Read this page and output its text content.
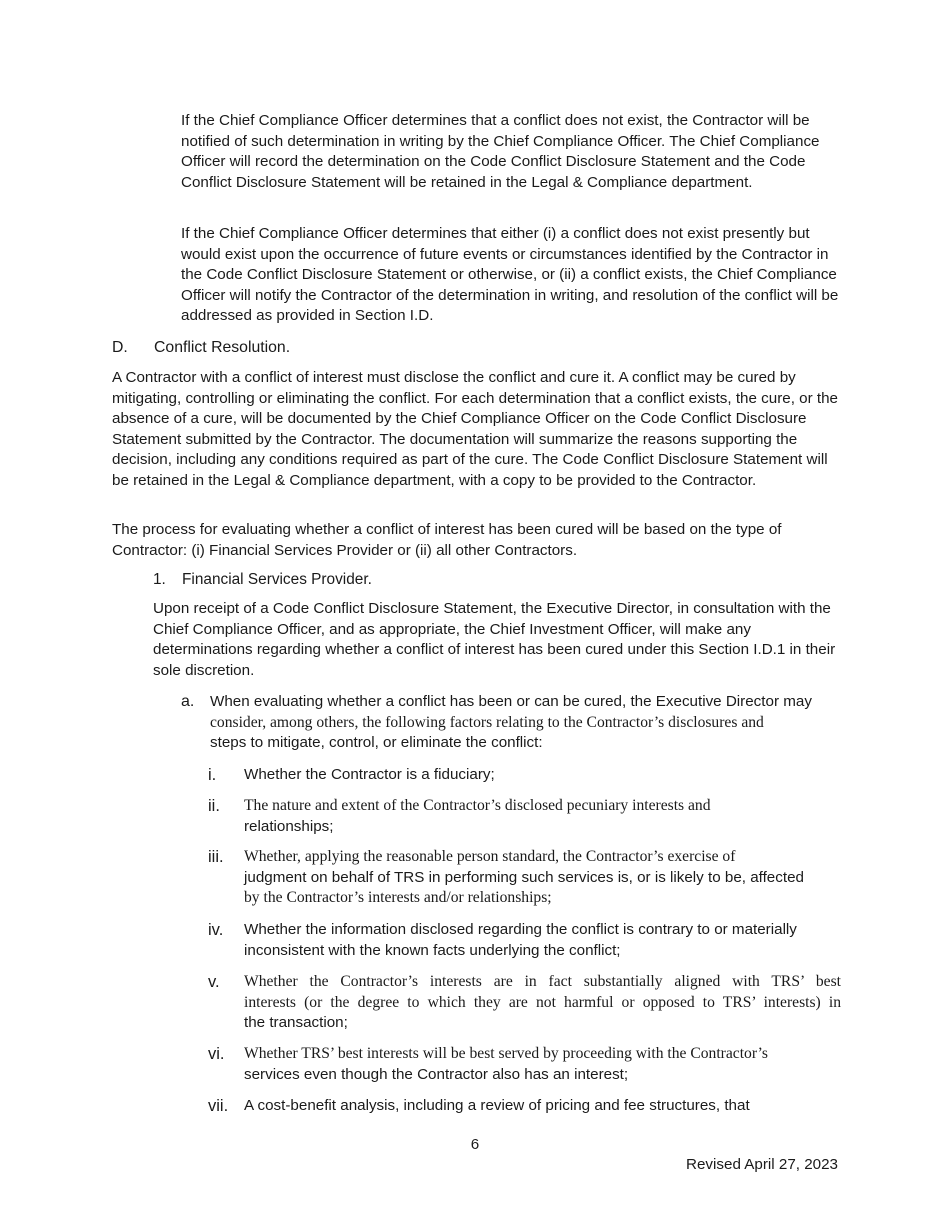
If the Chief Compliance Officer determines that a conflict does not exist, the Contractor will be notified of such determination in writing by the Chief Compliance Officer. The Chief Compliance Officer will record the determination on the Code Conflict Disclosure Statement and the Code Conflict Disclosure Statement will be retained in the Legal & Compliance department.

If the Chief Compliance Officer determines that either (i) a conflict does not exist presently but would exist upon the occurrence of future events or circumstances identified by the Contractor in the Code Conflict Disclosure Statement or otherwise, or (ii) a conflict exists, the Chief Compliance Officer will notify the Contractor of the determination in writing, and resolution of the conflict will be addressed as provided in Section I.D.

D. Conflict Resolution.

A Contractor with a conflict of interest must disclose the conflict and cure it. A conflict may be cured by mitigating, controlling or eliminating the conflict. For each determination that a conflict exists, the cure, or the absence of a cure, will be documented by the Chief Compliance Officer on the Code Conflict Disclosure Statement submitted by the Contractor. The documentation will summarize the reasons supporting the decision, including any conditions required as part of the cure. The Code Conflict Disclosure Statement will be retained in the Legal & Compliance department, with a copy to be provided to the Contractor.

The process for evaluating whether a conflict of interest has been cured will be based on the type of Contractor: (i) Financial Services Provider or (ii) all other Contractors.

1. Financial Services Provider.

Upon receipt of a Code Conflict Disclosure Statement, the Executive Director, in consultation with the Chief Compliance Officer, and as appropriate, the Chief Investment Officer, will make any determinations regarding whether a conflict of interest has been cured under this Section I.D.1 in their sole discretion.

a. When evaluating whether a conflict has been or can be cured, the Executive Director may
consider, among others, the following factors relating to the Contractor’s disclosures and
steps to mitigate, control, or eliminate the conflict:
i. Whether the Contractor is a fiduciary;
ii. The nature and extent of the Contractor’s disclosed pecuniary interests and
relationships;
iii. Whether, applying the reasonable person standard, the Contractor’s exercise of
judgment on behalf of TRS in performing such services is, or is likely to be, affected
by the Contractor’s interests and/or relationships;
iv. Whether the information disclosed regarding the conflict is contrary to or materially inconsistent with the known facts underlying the conflict;
v. Whether the Contractor’s interests are in fact substantially aligned with TRS’ best
interests (or the degree to which they are not harmful or opposed to TRS’ interests) in
the transaction;
vi. Whether TRS’ best interests will be best served by proceeding with the Contractor’s
services even though the Contractor also has an interest;
vii. A cost-benefit analysis, including a review of pricing and fee structures, that
6
Revised April 27, 2023
